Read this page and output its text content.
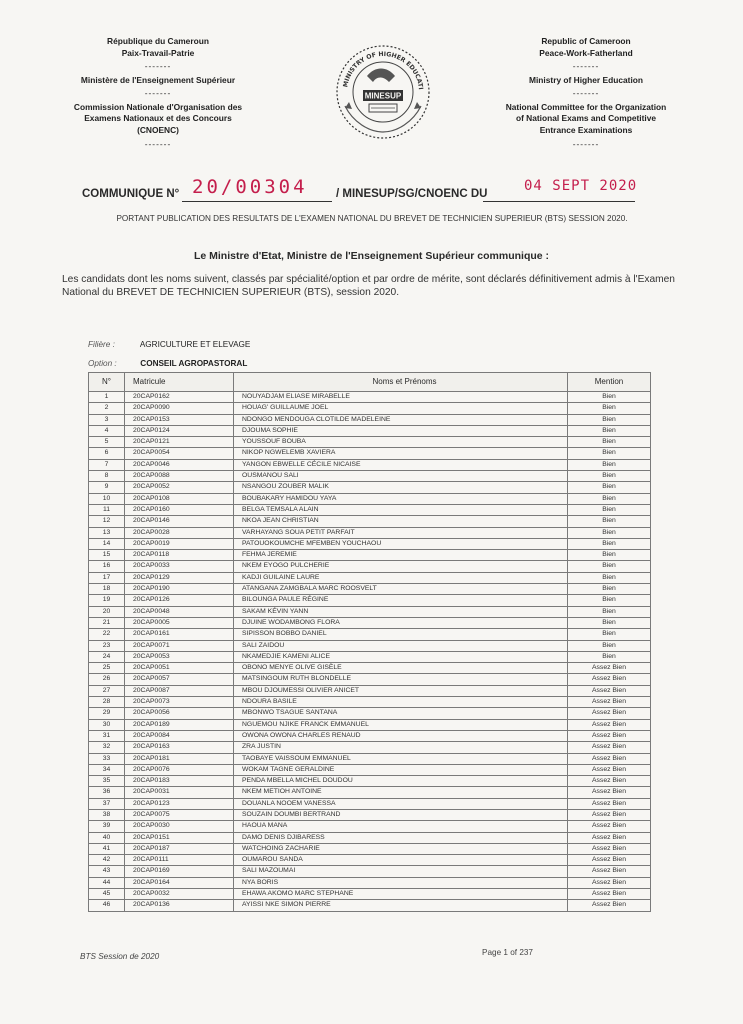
République du Cameroun
Paix-Travail-Patrie
-------
Ministère de l'Enseignement Supérieur
-------
Commission Nationale d'Organisation des
Examens Nationaux et des Concours
(CNOENC)
-------
MINISTRY OF HIGHER EDUCATI
MINESUP
Republic of Cameroon
Peace-Work-Fatherland
-------
Ministry of Higher Education
-------
National Committee for the Organization
of National Exams and Competitive
Entrance Examinations
-------
COMMUNIQUE N° 20/00304 / MINESUP/SG/CNOENC DU	04 SEPT 2020
PORTANT PUBLICATION DES RESULTATS DE L'EXAMEN NATIONAL DU BREVET DE TECHNICIEN SUPERIEUR (BTS) SESSION 2020.
Le Ministre d'Etat, Ministre de l'Enseignement Supérieur communique :
Les candidats dont les noms suivent, classés par spécialité/option et par ordre de mérite, sont déclarés définitivement admis à l'Examen National du BREVET DE TECHNICIEN SUPERIEUR (BTS), session 2020.
Filière :	AGRICULTURE ET ELEVAGE
Option :	CONSEIL AGROPASTORAL
N°	Matricule	Noms et Prénoms	Mention
1	20CAP0162	NOUYADJAM ELIASE MIRABELLE	Bien
2	20CAP0090	HOUAG' GUILLAUME JOEL	Bien
3	20CAP0153	NDONGO MENDOUGA CLOTILDE MADELEINE	Bien
4	20CAP0124	DJOUMA SOPHIE	Bien
5	20CAP0121	YOUSSOUF BOUBA	Bien
6	20CAP0054	NIKOP NGWELEMB XAVIERA	Bien
7	20CAP0046	YANGON EBWELLE CÉCILE NICAISE	Bien
8	20CAP0088	OUSMANOU SALI	Bien
9	20CAP0052	NSANGOU ZOUBER MALIK	Bien
10	20CAP0108	BOUBAKARY HAMIDOU YAYA	Bien
11	20CAP0160	BELGA TEMSALA ALAIN	Bien
12	20CAP0146	NKOA JEAN CHRISTIAN	Bien
13	20CAP0028	VARHAYANG SOUA PETIT PARFAIT	Bien
14	20CAP0019	PATOUOKOUMCHE MFEMBEN YOUCHAOU	Bien
15	20CAP0118	FEHMA JEREMIE	Bien
16	20CAP0033	NKEM EYOGO PULCHERIE	Bien
17	20CAP0129	KADJI GUILAINE LAURE	Bien
18	20CAP0190	ATANGANA ZAMGBALA MARC ROOSVELT	Bien
19	20CAP0126	BILOUNGA PAULE RÉGINE	Bien
20	20CAP0048	SAKAM KÉVIN YANN	Bien
21	20CAP0005	DJUINE WODAMBONG FLORA	Bien
22	20CAP0161	SIPISSON BOBBO DANIEL	Bien
23	20CAP0071	SALI ZAIDOU	Bien
24	20CAP0053	NKAMEDJIE KAMENI ALICE	Bien
25	20CAP0051	OBONO MENYE OLIVE GISÈLE	Assez Bien
26	20CAP0057	MATSINGOUM RUTH BLONDELLE	Assez Bien
27	20CAP0087	MBOU DJOUMESSI OLIVIER ANICET	Assez Bien
28	20CAP0073	NDOURA BASILE	Assez Bien
29	20CAP0056	MBONWO TSAGUE SANTANA	Assez Bien
30	20CAP0189	NGUEMOU NJIKE FRANCK EMMANUEL	Assez Bien
31	20CAP0084	OWONA OWONA CHARLES RENAUD	Assez Bien
32	20CAP0163	ZRA JUSTIN	Assez Bien
33	20CAP0181	TAOBAYE VAISSOUM EMMANUEL	Assez Bien
34	20CAP0076	WOKAM TAGNE GERALDINE	Assez Bien
35	20CAP0183	PENDA MBELLA MICHEL DOUDOU	Assez Bien
36	20CAP0031	NKEM METIOH ANTOINE	Assez Bien
37	20CAP0123	DOUANLA NOOEM VANESSA	Assez Bien
38	20CAP0075	SOUZAIN DOUMBI BERTRAND	Assez Bien
39	20CAP0030	HAOUA MANA	Assez Bien
40	20CAP0151	DAMO DENIS DJIBARESS	Assez Bien
41	20CAP0187	WATCHOING ZACHARIE	Assez Bien
42	20CAP0111	OUMAROU SANDA	Assez Bien
43	20CAP0169	SALI MAZOUMAI	Assez Bien
44	20CAP0164	NYA BORIS	Assez Bien
45	20CAP0032	EHAWA AKOMO MARC STEPHANE	Assez Bien
46	20CAP0136	AYISSI NKE SIMON PIERRE	Assez Bien
BTS Session de 2020	Page 1 of 237
